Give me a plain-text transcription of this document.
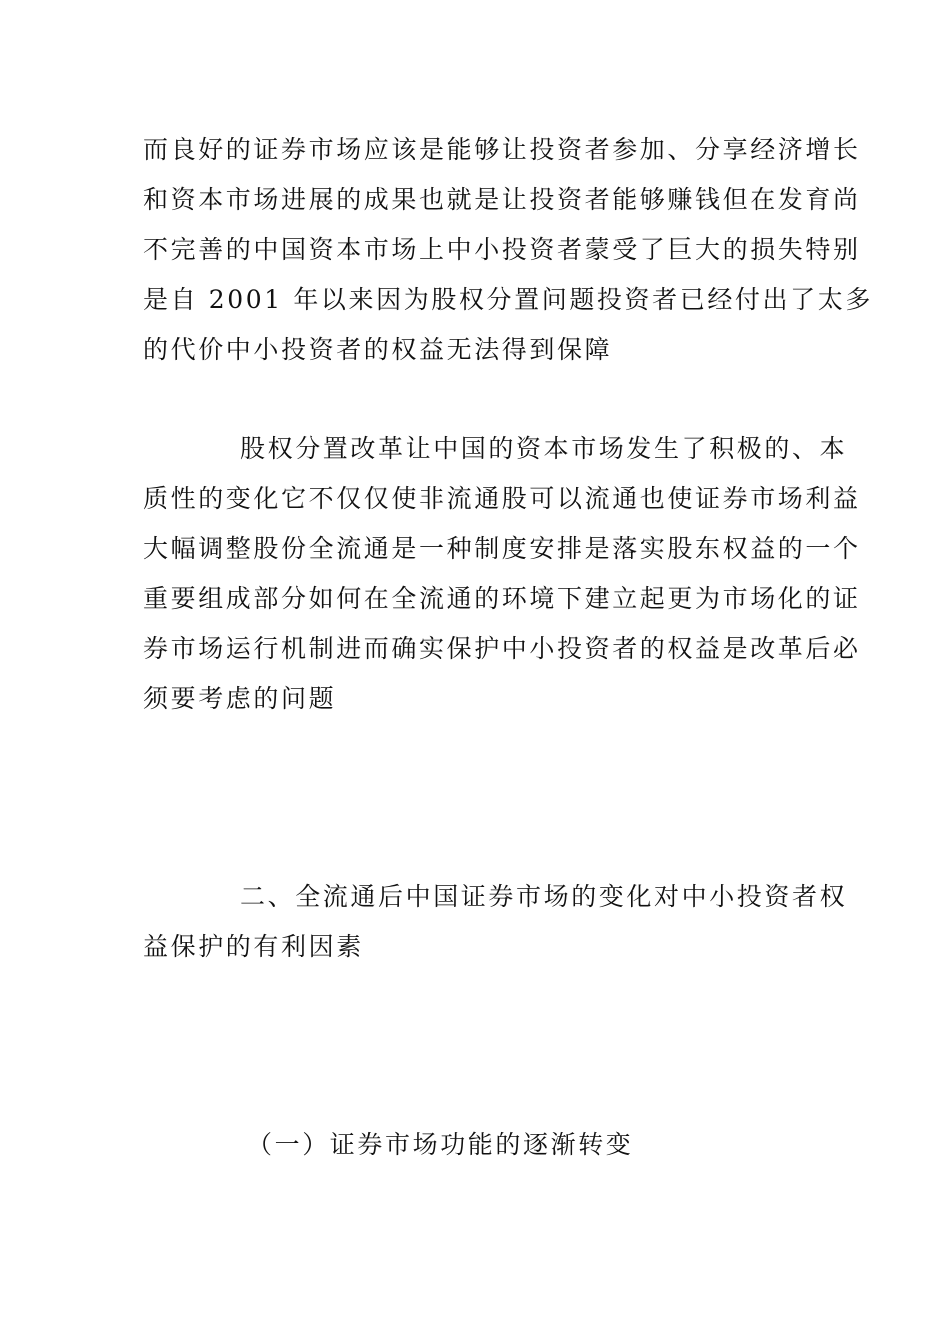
而良好的证券市场应该是能够让投资者参加、分享经济增长
和资本市场进展的成果也就是让投资者能够赚钱但在发育尚
不完善的中国资本市场上中小投资者蒙受了巨大的损失特别
是自 2001 年以来因为股权分置问题投资者已经付出了太多
的代价中小投资者的权益无法得到保障
股权分置改革让中国的资本市场发生了积极的、本
质性的变化它不仅仅使非流通股可以流通也使证券市场利益
大幅调整股份全流通是一种制度安排是落实股东权益的一个
重要组成部分如何在全流通的环境下建立起更为市场化的证
券市场运行机制进而确实保护中小投资者的权益是改革后必
须要考虑的问题
二、全流通后中国证券市场的变化对中小投资者权
益保护的有利因素
（一）证券市场功能的逐渐转变
